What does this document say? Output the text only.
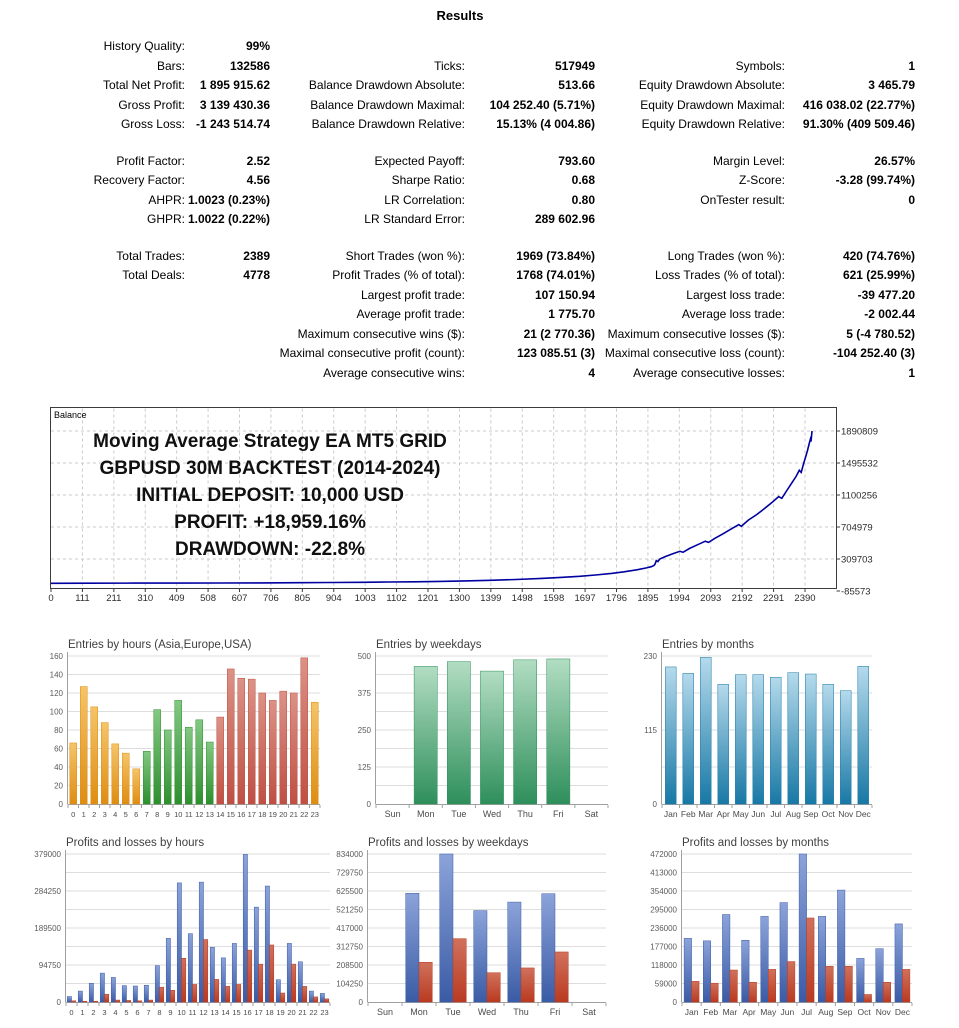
Results
History Quality:	99%
Bars:	132586	Ticks:	517949	Symbols:	1
Total Net Profit:	1 895 915.62	Balance Drawdown Absolute:	513.66	Equity Drawdown Absolute:	3 465.79
Gross Profit:	3 139 430.36	Balance Drawdown Maximal:	104 252.40 (5.71%)	Equity Drawdown Maximal:	416 038.02 (22.77%)
Gross Loss: -1 243 514.74	Balance Drawdown Relative:	15.13% (4 004.86)	Equity Drawdown Relative:	91.30% (409 509.46)
Profit Factor:	2.52	Expected Payoff:	793.60	Margin Level:	26.57%
Recovery Factor:	4.56	Sharpe Ratio:	0.68	Z-Score:	-3.28 (99.74%)
AHPR: 1.0023 (0.23%)	LR Correlation:	0.80	OnTester result:	0
GHPR: 1.0022 (0.22%)	LR Standard Error:	289 602.96
Total Trades:	2389	Short Trades (won %):	1969 (73.84%)	Long Trades (won %):	420 (74.76%)
Total Deals:	4778	Profit Trades (% of total):	1768 (74.01%)	Loss Trades (% of total):	621 (25.99%)
Largest profit trade:	107 150.94	Largest loss trade:	-39 477.20
Average profit trade:	1 775.70	Average loss trade:	-2 002.44
Maximum consecutive wins ($):	21 (2 770.36)	Maximum consecutive losses ($):	5 (-4 780.52)
Maximal consecutive profit (count):	123 085.51 (3) Maximal consecutive loss (count):	-104 252.40 (3)
Average consecutive wins:	4	Average consecutive losses:	1
Balance
Moving Average Strategy EA MT5 GRID
GBPUSD 30M BACKTEST (2014-2024)
INITIAL DEPOSIT: 10,000 USD
PROFIT: +18,959.16%
DRAWDOWN: -22.8%
1890809
1495532
1100256
704979
309703
-85573
0 111 211 310 409 508 607 706 805 904 1003 1102 1201 1300 1399 1498 1598 1697 1796 1895 1994 2093 2192 2291 2390
Entries by hours (Asia,Europe,USA)
0
20
40
60
80
100
120
140
160
0 1 2 3 4 5 6 7 8 9 10 11 12 13 14 15 16 17 18 19 20 21 22 23
Entries by weekdays
0
125
250
375
500
Sun Mon Tue Wed Thu Fri Sat
Entries by months
0
115
230
Jan Feb Mar Apr May Jun Jul Aug Sep Oct Nov Dec
Profits and losses by hours
0
94750
189500
284250
379000
0 1 2 3 4 5 6 7 8 9 10 11 12 13 14 15 16 17 18 19 20 21 22 23
Profits and losses by weekdays
0
104250
208500
312750
417000
521250
625500
729750
834000
Sun Mon Tue Wed Thu Fri Sat
Profits and losses by months
0
59000
118000
177000
236000
295000
354000
413000
472000
Jan Feb Mar Apr May Jun Jul Aug Sep Oct Nov Dec
